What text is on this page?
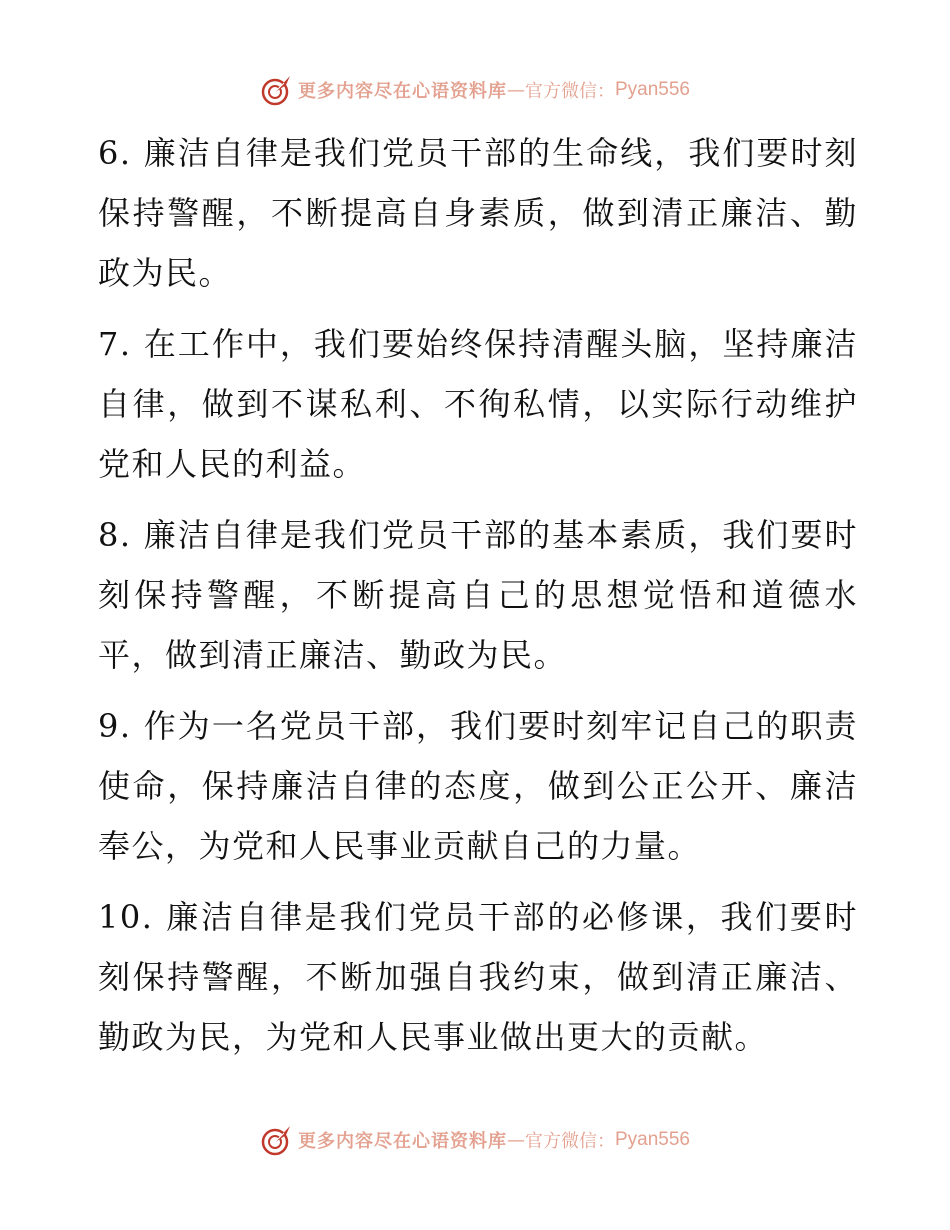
更多内容尽在心语资料库 — 官方微信： Pyan556

6. 廉洁自律是我们党员干部的生命线，我们要时刻保持警醒，不断提高自身素质，做到清正廉洁、勤政为民。

7. 在工作中，我们要始终保持清醒头脑，坚持廉洁自律，做到不谋私利、不徇私情，以实际行动维护党和人民的利益。

8. 廉洁自律是我们党员干部的基本素质，我们要时刻保持警醒，不断提高自己的思想觉悟和道德水平，做到清正廉洁、勤政为民。

9. 作为一名党员干部，我们要时刻牢记自己的职责使命，保持廉洁自律的态度，做到公正公开、廉洁奉公，为党和人民事业贡献自己的力量。

10. 廉洁自律是我们党员干部的必修课，我们要时刻保持警醒，不断加强自我约束，做到清正廉洁、勤政为民，为党和人民事业做出更大的贡献。

更多内容尽在心语资料库 — 官方微信： Pyan556
